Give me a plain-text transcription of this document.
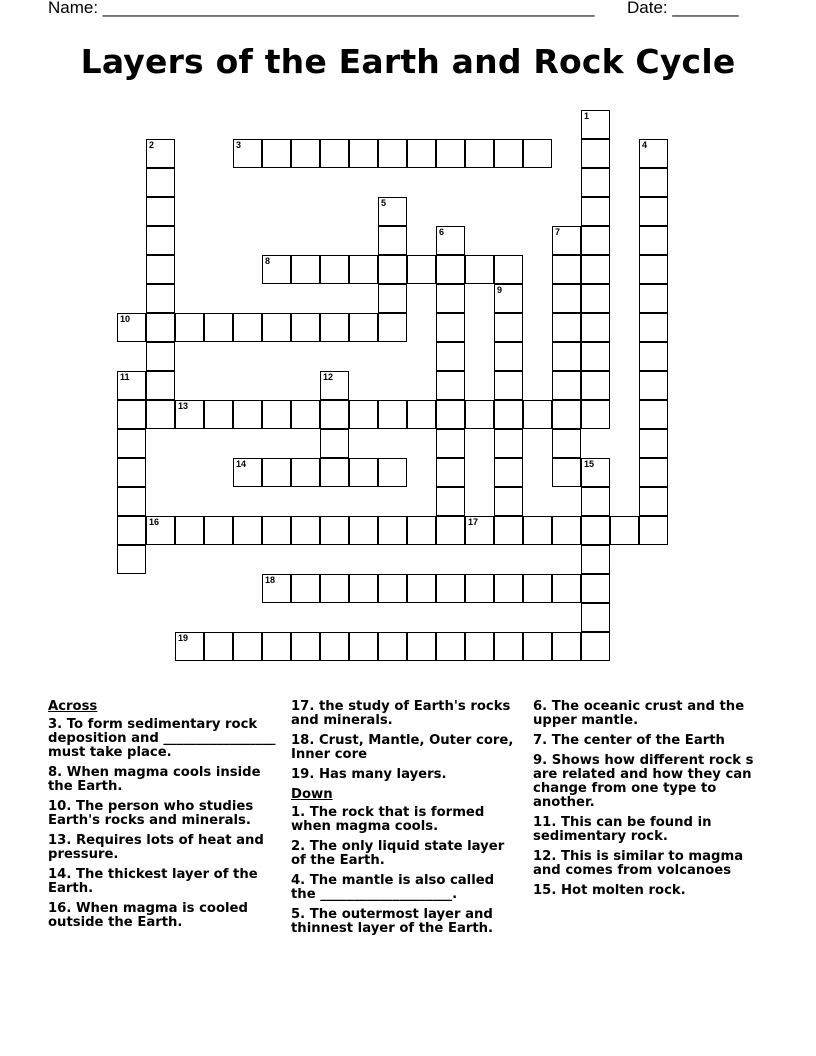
Name: ____________________________________________________ Date: _______
Layers of the Earth and Rock Cycle
1
2	3	4
5
6	7
8
9
10
11	12
13
14	15
16	17
18
19
Across
3. To form sedimentary rock deposition and _________________ must take place.
8. When magma cools inside the Earth.
10. The person who studies Earth's rocks and minerals.
13. Requires lots of heat and pressure.
14. The thickest layer of the Earth.
16. When magma is cooled outside the Earth.
17. the study of Earth's rocks and minerals.
18. Crust, Mantle, Outer core, Inner core
19. Has many layers.
Down
1. The rock that is formed when magma cools.
2. The only liquid state layer of the Earth.
4. The mantle is also called the ____________________.
5. The outermost layer and thinnest layer of the Earth.
6. The oceanic crust and the upper mantle.
7. The center of the Earth
9. Shows how different rock s are related and how they can change from one type to another.
11. This can be found in sedimentary rock.
12. This is similar to magma and comes from volcanoes
15. Hot molten rock.
